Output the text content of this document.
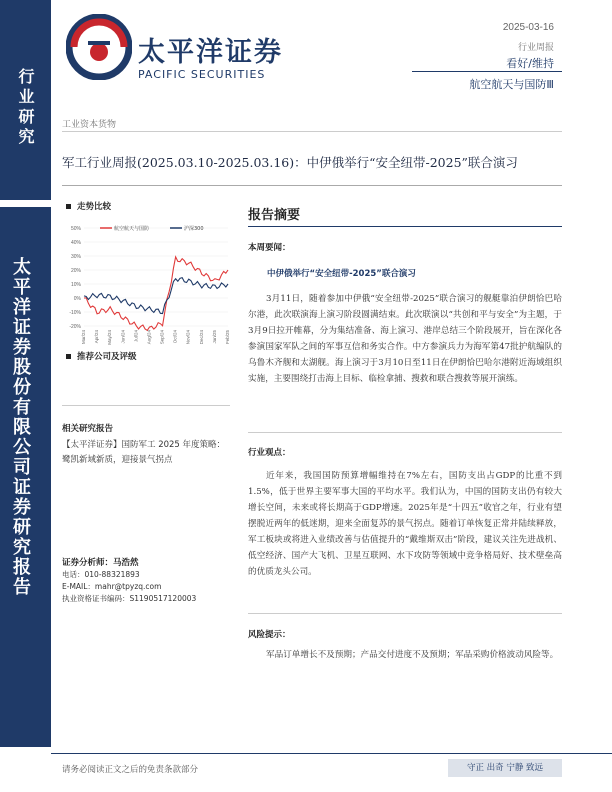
行业研究
太平洋证券股份有限公司证券研究报告
太平洋证券
PACIFIC SECURITIES
2025-03-16
行业周报
看好/维持
航空航天与国防Ⅲ
工业资本货物
军工行业周报(2025.03.10-2025.03.16)：中伊俄举行“安全纽带-2025”联合演习
走势比较
50%
40%
30%
20%
10%
0%
-10%
-20%
Mar/24 Apr/24 May/24 Jun/24 Jul/24 Aug/24 Sep/24 Oct/24 Nov/24 Dec/24 Jan/25 Feb/25
航空航天与国防	沪深300
推荐公司及评级
相关研究报告
【太平洋证券】国防军工 2025 年度策略：鹭凯新域新质，迎接景气拐点
证券分析师：马浩然
电话：010-88321893
E-MAIL：mahr@tpyzq.com
执业资格证书编码：S1190517120003
报告摘要
本周要闻：
中伊俄举行“安全纽带-2025”联合演习
3月11日，随着参加中伊俄“安全纽带-2025”联合演习的舰艇靠泊伊朗恰巴哈尔港，此次联演海上演习阶段圆满结束。此次联演以“共创和平与安全”为主题，于3月9日拉开帷幕，分为集结准备、海上演习、港岸总结三个阶段展开，旨在深化各参演国家军队之间的军事互信和务实合作。中方参演兵力为海军第47批护航编队的乌鲁木齐舰和太湖舰。海上演习于3月10日至11日在伊朗恰巴哈尔港附近海域组织实施，主要围绕打击海上目标、临检拿捕、搜救和联合搜救等展开演练。
行业观点：
近年来，我国国防预算增幅维持在7%左右，国防支出占GDP的比重不到1.5%，低于世界主要军事大国的平均水平。我们认为，中国的国防支出仍有较大增长空间，未来或将长期高于GDP增速。2025年是“十四五”收官之年，行业有望摆脱近两年的低迷期，迎来全面复苏的景气拐点。随着订单恢复正常并陆续释放，军工板块或将进入业绩改善与估值提升的“戴维斯双击”阶段，建议关注先进战机、低空经济、国产大飞机、卫星互联网、水下攻防等领域中竞争格局好、技术壁垒高的优质龙头公司。
风险提示：
军品订单增长不及预期；产品交付进度不及预期；军品采购价格波动风险等。
请务必阅读正文之后的免责条款部分	守正 出奇 宁静 致远
